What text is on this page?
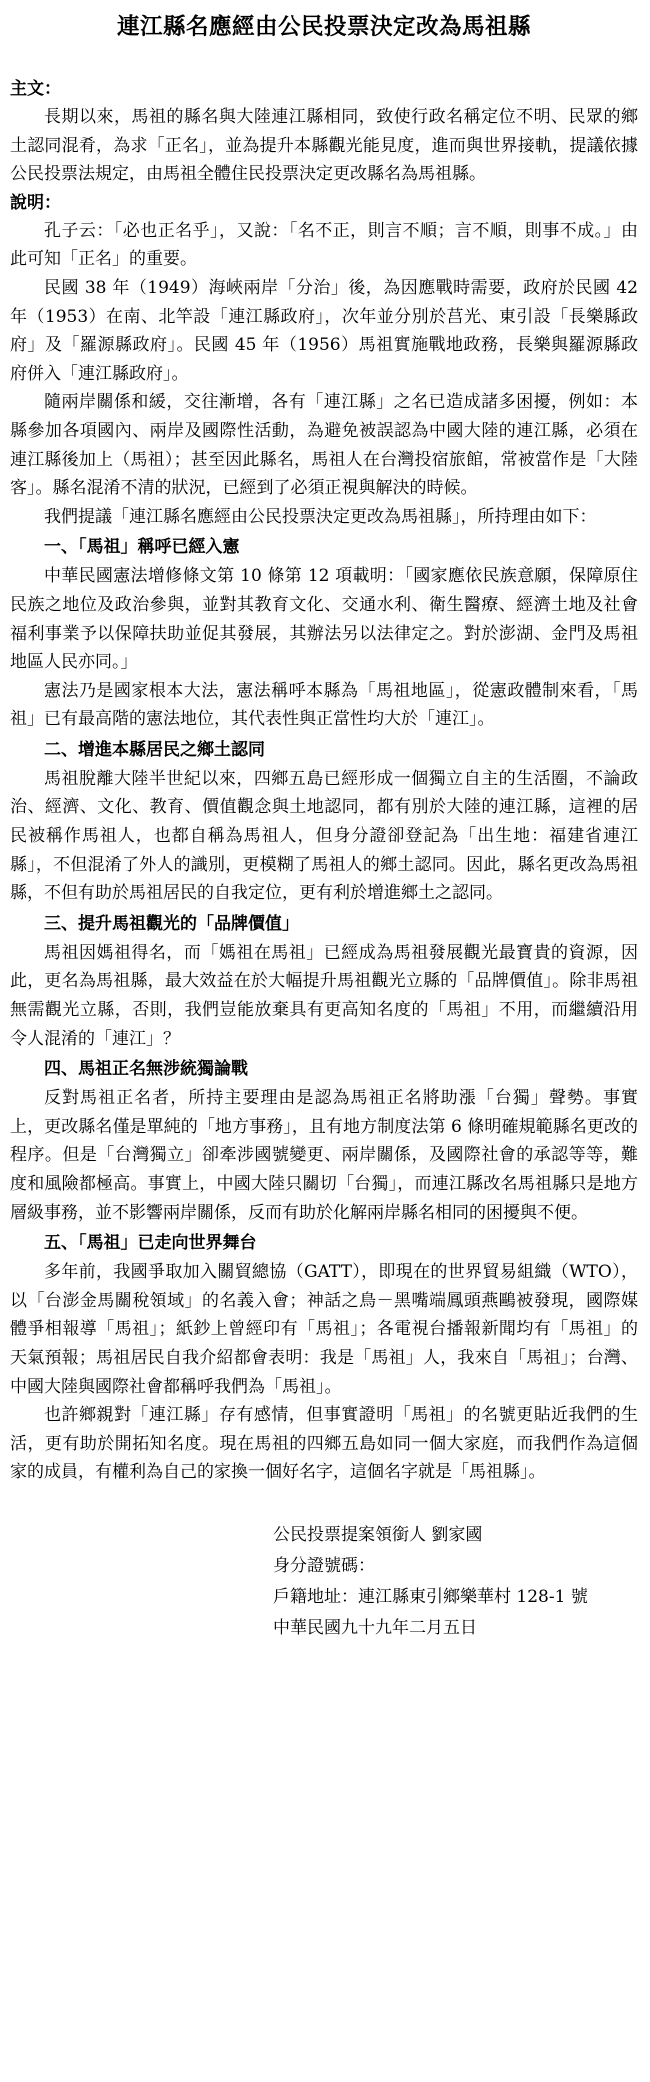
連江縣名應經由公民投票決定改為馬祖縣

主文：

長期以來，馬祖的縣名與大陸連江縣相同，致使行政名稱定位不明、民眾的鄉土認同混肴，為求「正名」，並為提升本縣觀光能見度，進而與世界接軌，提議依據公民投票法規定，由馬祖全體住民投票決定更改縣名為馬祖縣。

說明：

孔子云：「必也正名乎」，又說：「名不正，則言不順；言不順，則事不成。」由此可知「正名」的重要。

民國 38 年（1949）海峽兩岸「分治」後，為因應戰時需要，政府於民國 42 年（1953）在南、北竿設「連江縣政府」，次年並分別於莒光、東引設「長樂縣政府」及「羅源縣政府」。民國 45 年（1956）馬祖實施戰地政務，長樂與羅源縣政府併入「連江縣政府」。

隨兩岸關係和緩，交往漸增，各有「連江縣」之名已造成諸多困擾，例如：本縣參加各項國內、兩岸及國際性活動，為避免被誤認為中國大陸的連江縣，必須在連江縣後加上（馬祖）；甚至因此縣名，馬祖人在台灣投宿旅館，常被當作是「大陸客」。縣名混淆不清的狀況，已經到了必須正視與解決的時候。

我們提議「連江縣名應經由公民投票決定更改為馬祖縣」，所持理由如下：

一、「馬祖」稱呼已經入憲

中華民國憲法增修條文第 10 條第 12 項載明：「國家應依民族意願，保障原住民族之地位及政治參與，並對其教育文化、交通水利、衛生醫療、經濟土地及社會福利事業予以保障扶助並促其發展，其辦法另以法律定之。對於澎湖、金門及馬祖地區人民亦同。」

憲法乃是國家根本大法，憲法稱呼本縣為「馬祖地區」，從憲政體制來看，「馬祖」已有最高階的憲法地位，其代表性與正當性均大於「連江」。

二、增進本縣居民之鄉土認同

馬祖脫離大陸半世紀以來，四鄉五島已經形成一個獨立自主的生活圈，不論政治、經濟、文化、教育、價值觀念與土地認同，都有別於大陸的連江縣，這裡的居民被稱作馬祖人，也都自稱為馬祖人，但身分證卻登記為「出生地：福建省連江縣」，不但混淆了外人的識別，更模糊了馬祖人的鄉土認同。因此，縣名更改為馬祖縣，不但有助於馬祖居民的自我定位，更有利於增進鄉土之認同。

三、提升馬祖觀光的「品牌價值」

馬祖因媽祖得名，而「媽祖在馬祖」已經成為馬祖發展觀光最寶貴的資源，因此，更名為馬祖縣，最大效益在於大幅提升馬祖觀光立縣的「品牌價值」。除非馬祖無需觀光立縣，否則，我們豈能放棄具有更高知名度的「馬祖」不用，而繼續沿用令人混淆的「連江」？

四、馬祖正名無涉統獨論戰

反對馬祖正名者，所持主要理由是認為馬祖正名將助漲「台獨」聲勢。事實上，更改縣名僅是單純的「地方事務」，且有地方制度法第 6 條明確規範縣名更改的程序。但是「台灣獨立」卻牽涉國號變更、兩岸關係，及國際社會的承認等等，難度和風險都極高。事實上，中國大陸只關切「台獨」，而連江縣改名馬祖縣只是地方層級事務，並不影響兩岸關係，反而有助於化解兩岸縣名相同的困擾與不便。

五、「馬祖」已走向世界舞台

多年前，我國爭取加入關貿總協（GATT），即現在的世界貿易組織（WTO），以「台澎金馬關稅領域」的名義入會；神話之鳥－黑嘴端鳳頭燕鷗被發現，國際媒體爭相報導「馬祖」；紙鈔上曾經印有「馬祖」；各電視台播報新聞均有「馬祖」的天氣預報；馬祖居民自我介紹都會表明：我是「馬祖」人，我來自「馬祖」；台灣、中國大陸與國際社會都稱呼我們為「馬祖」。

也許鄉親對「連江縣」存有感情，但事實證明「馬祖」的名號更貼近我們的生活，更有助於開拓知名度。現在馬祖的四鄉五島如同一個大家庭，而我們作為這個家的成員，有權利為自己的家換一個好名字，這個名字就是「馬祖縣」。

公民投票提案領銜人 劉家國
身分證號碼：
戶籍地址：連江縣東引鄉樂華村 128-1 號
中華民國九十九年二月五日
